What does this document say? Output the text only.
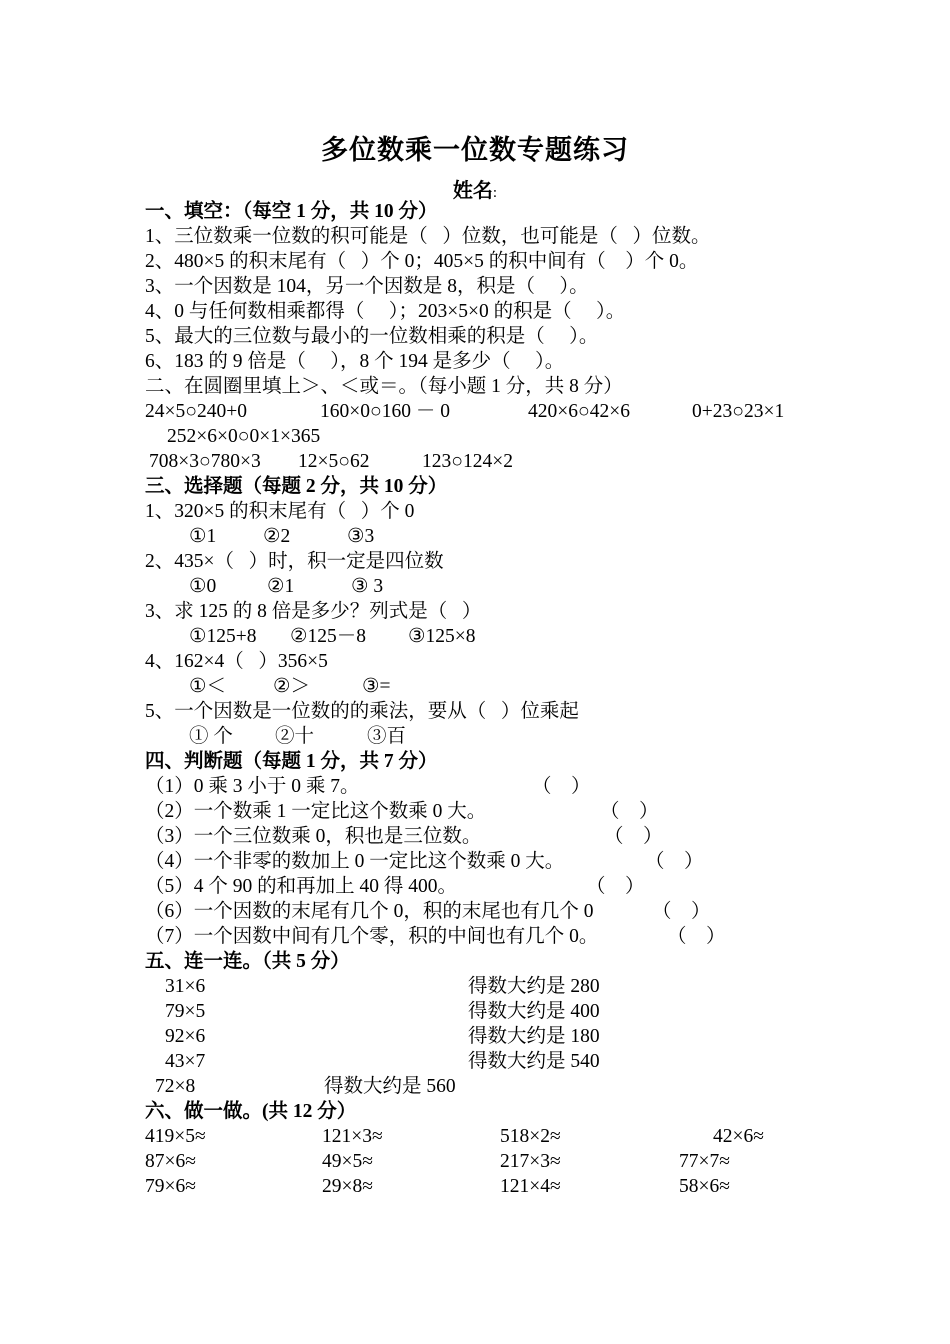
多位数乘一位数专题练习
姓名:
一、填空：（每空 1 分，共 10 分）
1、三位数乘一位数的积可能是（   ）位数，也可能是（   ）位数。
2、480×5 的积末尾有（   ）个 0；405×5 的积中间有（    ）个 0。
3、一个因数是 104，另一个因数是 8，积是（     ）。
4、0 与任何数相乘都得（     ）；203×5×0 的积是（     ）。
5、最大的三位数与最小的一位数相乘的积是（     ）。
6、183 的 9 倍是（     ），8 个 194 是多少（     ）。
二、在圆圈里填上＞、＜或＝。（每小题 1 分，共 8 分）
24×5○240+0	160×0○160 － 0	420×6○42×6	0+23○23×1
252×6×0○0×1×365
708×3○780×3 12×5○62	123○124×2
三、选择题（每题 2 分，共 10 分）
1、320×5 的积末尾有（   ）个 0
①1 ②2	③3
2、435×（   ）时，积一定是四位数
①0	②1	③ 3
3、求 125 的 8 倍是多少？列式是（   ）
①125+8 ②125－8 ③125×8
4、162×4（   ）356×5
①＜ ②＞	③=
5、一个因数是一位数的的乘法，要从（   ）位乘起
① 个 ②十	③百
四、判断题（每题 1 分，共 7 分）
（1）0 乘 3 小于 0 乘 7。	（    ）
（2）一个数乘 1 一定比这个数乘 0 大。	（    ）
（3）一个三位数乘 0，积也是三位数。	（    ）
（4）一个非零的数加上 0 一定比这个数乘 0 大。	（    ）
（5）4 个 90 的和再加上 40 得 400。	（    ）
（6）一个因数的末尾有几个 0，积的末尾也有几个 0	（    ）
（7）一个因数中间有几个零，积的中间也有几个 0。	（    ）
五、连一连。（共 5 分）
31×6	得数大约是 280
79×5	得数大约是 400
92×6	得数大约是 180
43×7	得数大约是 540
72×8	得数大约是 560
六、做一做。(共 12 分）
419×5≈	121×3≈	518×2≈	42×6≈
87×6≈	49×5≈	217×3≈	77×7≈
79×6≈	29×8≈	121×4≈	58×6≈
